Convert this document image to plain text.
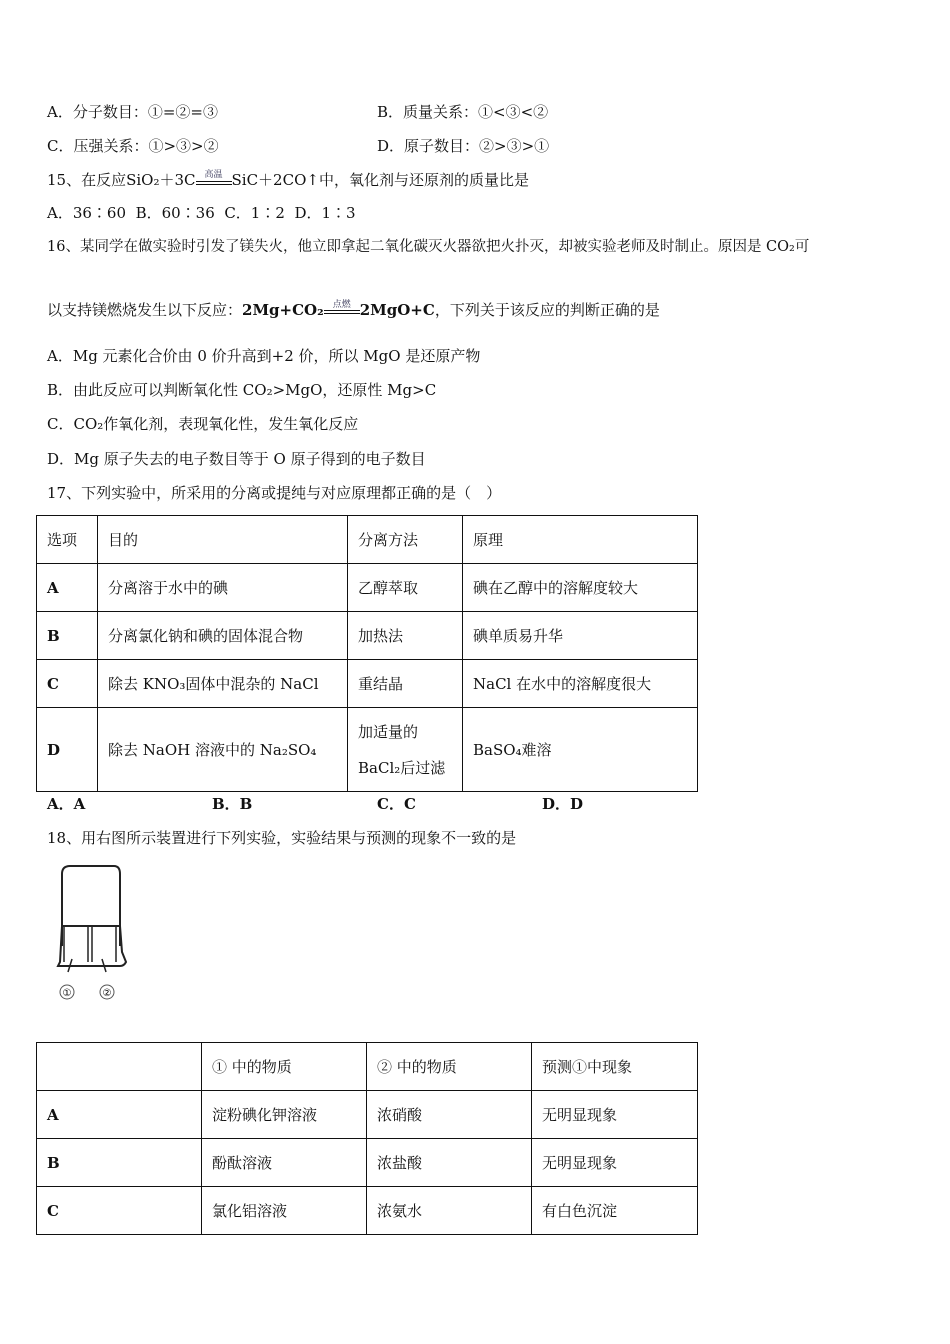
A．分子数目：①=②=③	B．质量关系：①<③<②
C．压强关系：①>③>②	D．原子数目：②>③>①
15、在反应SiO₂＋3C 高温 SiC＋2CO↑中，氧化剂与还原剂的质量比是
A．36∶60 B．60∶36 C．1∶2 D．1∶3
16、某同学在做实验时引发了镁失火，他立即拿起二氧化碳灭火器欲把火扑灭，却被实验老师及时制止。原因是 CO₂可
以支持镁燃烧发生以下反应：2Mg+CO₂ 点燃 2MgO+C，下列关于该反应的判断正确的是
A．Mg 元素化合价由 0 价升高到+2 价，所以 MgO 是还原产物
B．由此反应可以判断氧化性 CO₂>MgO，还原性 Mg>C
C．CO₂作氧化剂，表现氧化性，发生氧化反应
D．Mg 原子失去的电子数目等于 O 原子得到的电子数目
17、下列实验中，所采用的分离或提纯与对应原理都正确的是（　）
选项	目的	分离方法	原理
A	分离溶于水中的碘	乙醇萃取	碘在乙醇中的溶解度较大
B	分离氯化钠和碘的固体混合物	加热法	碘单质易升华
C	除去 KNO₃固体中混杂的 NaCl	重结晶	NaCl 在水中的溶解度很大
D	除去 NaOH 溶液中的 Na₂SO₄	加适量的 BaCl₂后过滤	BaSO₄难溶
A．A	B．B	C．C	D．D
18、用右图所示装置进行下列实验，实验结果与预测的现象不一致的是
①	②
	① 中的物质	② 中的物质	预测①中现象
A	淀粉碘化钾溶液	浓硝酸	无明显现象
B	酚酞溶液	浓盐酸	无明显现象
C	氯化铝溶液	浓氨水	有白色沉淀
